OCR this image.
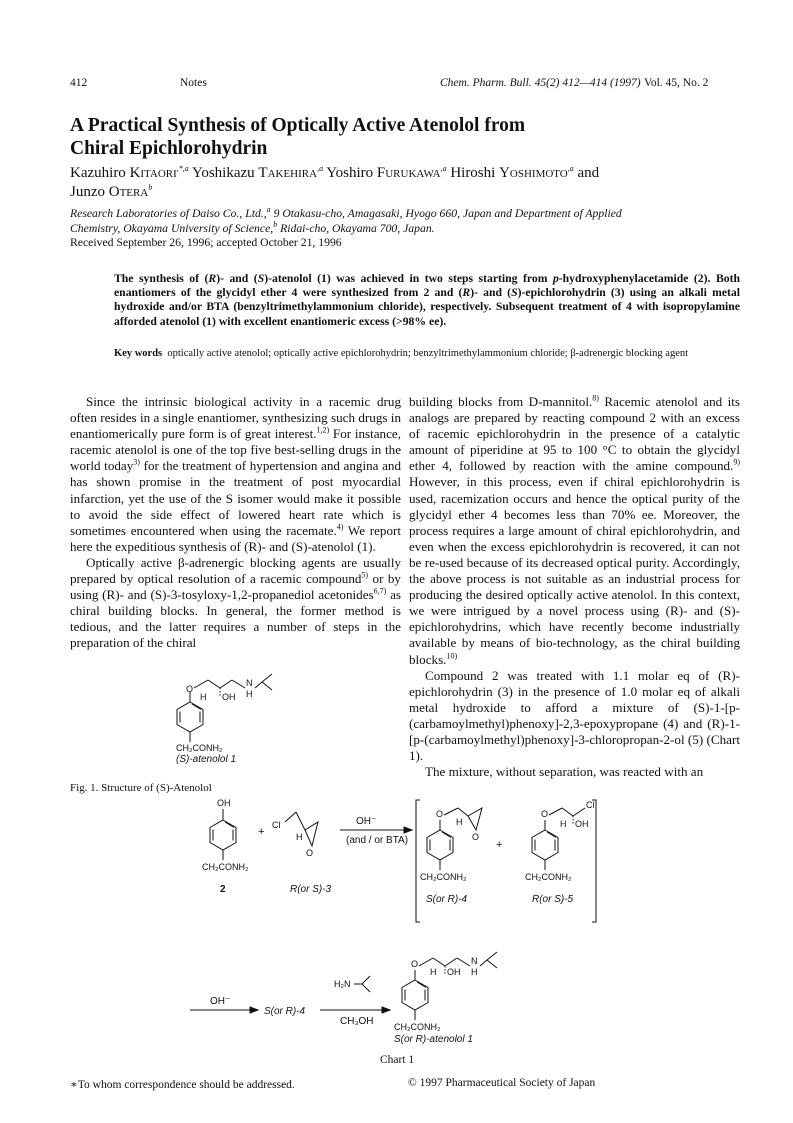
412	Notes	Chem. Pharm. Bull. 45(2) 412—414 (1997) Vol. 45, No. 2
A Practical Synthesis of Optically Active Atenolol from
Chiral Epichlorohydrin
Kazuhiro Kitaori$^{,*,a}$ Yoshikazu Takehira$^{,a}$ Yoshiro Furukawa$^{,a}$ Hiroshi Yoshimoto$^{,a}$ and
Junzo Otera$^b$
Research Laboratories of Daiso Co., Ltd.,$^a$ 9 Otakasu-cho, Amagasaki, Hyogo 660, Japan and Department of Applied
Chemistry, Okayama University of Science,$^b$ Ridai-cho, Okayama 700, Japan.
Received September 26, 1996; accepted October 21, 1996
The synthesis of (R)- and (S)-atenolol (1) was achieved in two steps starting from p-hydroxyphenylacetamide (2). Both enantiomers of the glycidyl ether 4 were synthesized from 2 and (R)- and (S)-epichlorohydrin (3) using an alkali metal hydroxide and/or BTA (benzyltrimethylammonium chloride), respectively. Subsequent treatment of 4 with isopropylamine afforded atenolol (1) with excellent enantiomeric excess (>98% ee).
Key words optically active atenolol; optically active epichlorohydrin; benzyltrimethylammonium chloride; β-adrenergic blocking agent

Since the intrinsic biological activity in a racemic drug often resides in a single enantiomer, synthesizing such drugs in enantiomerically pure form is of great interest.$^{1,2)}$ For instance, racemic atenolol is one of the top five best-selling drugs in the world today$^{3)}$ for the treatment of hypertension and angina and has shown promise in the treatment of post myocardial infarction, yet the use of the S isomer would make it possible to avoid the side effect of lowered heart rate which is sometimes encountered when using the racemate.$^{4)}$ We report here the expeditious synthesis of (R)- and (S)-atenolol (1).

Optically active β-adrenergic blocking agents are usually prepared by optical resolution of a racemic compound$^{5)}$ or by using (R)- and (S)-3-tosyloxy-1,2-propanediol acetonides$^{6,7)}$ as chiral building blocks. In general, the former method is tedious, and the latter requires a number of steps in the preparation of the chiral

building blocks from D-mannitol.$^{8)}$ Racemic atenolol and its analogs are prepared by reacting compound 2 with an excess of racemic epichlorohydrin in the presence of a catalytic amount of piperidine at 95 to 100 °C to obtain the glycidyl ether 4, followed by reaction with the amine compound.$^{9)}$ However, in this process, even if chiral epichlorohydrin is used, racemization occurs and hence the optical purity of the glycidyl ether 4 becomes less than 70% ee. Moreover, the process requires a large amount of chiral epichlorohydrin, and even when the excess epichlorohydrin is recovered, it can not be re-used because of its decreased optical purity. Accordingly, the above process is not suitable as an industrial process for producing the desired optically active atenolol. In this context, we were intrigued by a novel process using (R)- and (S)-epichlorohydrins, which have recently become industrially available by means of bio-technology, as the chiral building blocks.$^{10)}$

Compound 2 was treated with 1.1 molar eq of (R)-epichlorohydrin (3) in the presence of 1.0 molar eq of alkali metal hydroxide to afford a mixture of (S)-1-[p-(carbamoylmethyl)phenoxy]-2,3-epoxypropane (4) and (R)-1-[p-(carbamoylmethyl)phenoxy]-3-chloropropan-2-ol (5) (Chart 1).

The mixture, without separation, was reacted with an

O
H OH
N
H
CH₂CONH₂
(S)-atenolol 1
Fig. 1. Structure of (S)-Atenolol
OH
CH₂CONH₂
2
+
Cl
H
O
R(or S)-3
OH⁻
(and / or BTA)
O
H
O
CH₂CONH₂
S(or R)-4
+
O
Cl
H OH
CH₂CONH₂
R(or S)-5
OH⁻
S(or R)-4
H₂N
CH₃OH
O
H OH
N
H
CH₂CONH₂
S(or R)-atenolol 1
Chart 1
∗To whom correspondence should be addressed.	© 1997 Pharmaceutical Society of Japan
